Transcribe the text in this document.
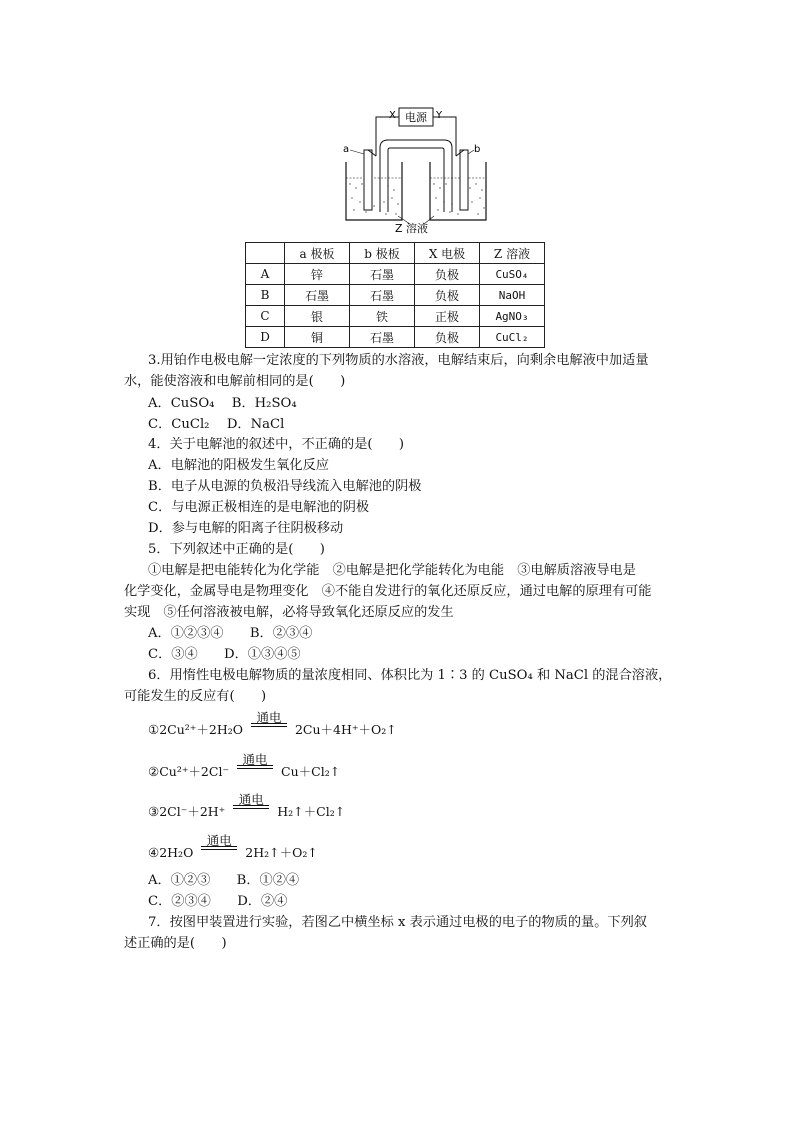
电源
X	Y
a	b
Z 溶液
	a 极板	b 极板	X 电极	Z 溶液
A	锌	石墨	负极	CuSO₄
B	石墨	石墨	负极	NaOH
C	银	铁	正极	AgNO₃
D	铜	石墨	负极	CuCl₂
3.用铂作电极电解一定浓度的下列物质的水溶液，电解结束后，向剩余电解液中加适量
水，能使溶液和电解前相同的是(　　)
A．CuSO₄　 B．H₂SO₄
C．CuCl₂　 D．NaCl
4．关于电解池的叙述中，不正确的是(　　)
A．电解池的阳极发生氧化反应
B．电子从电源的负极沿导线流入电解池的阴极
C．与电源正极相连的是电解池的阴极
D．参与电解的阳离子往阴极移动
5．下列叙述中正确的是(　　)
①电解是把电能转化为化学能　②电解是把化学能转化为电能　③电解质溶液导电是
化学变化，金属导电是物理变化　④不能自发进行的氧化还原反应，通过电解的原理有可能
实现　⑤任何溶液被电解，必将导致氧化还原反应的发生
A．①②③④　　B．②③④
C．③④　　D．①③④⑤
6．用惰性电极电解物质的量浓度相同、体积比为 1∶3 的 CuSO₄ 和 NaCl 的混合溶液，
可能发生的反应有(　　)
①2Cu²⁺＋2H₂O
通电
2Cu＋4H⁺＋O₂↑
②Cu²⁺＋2Cl⁻
通电
Cu＋Cl₂↑
③2Cl⁻＋2H⁺
通电
H₂↑＋Cl₂↑
④2H₂O
通电
2H₂↑＋O₂↑
A．①②③　　B．①②④
C．②③④　　D．②④
7．按图甲装置进行实验，若图乙中横坐标 x 表示通过电极的电子的物质的量。下列叙
述正确的是(　　)
